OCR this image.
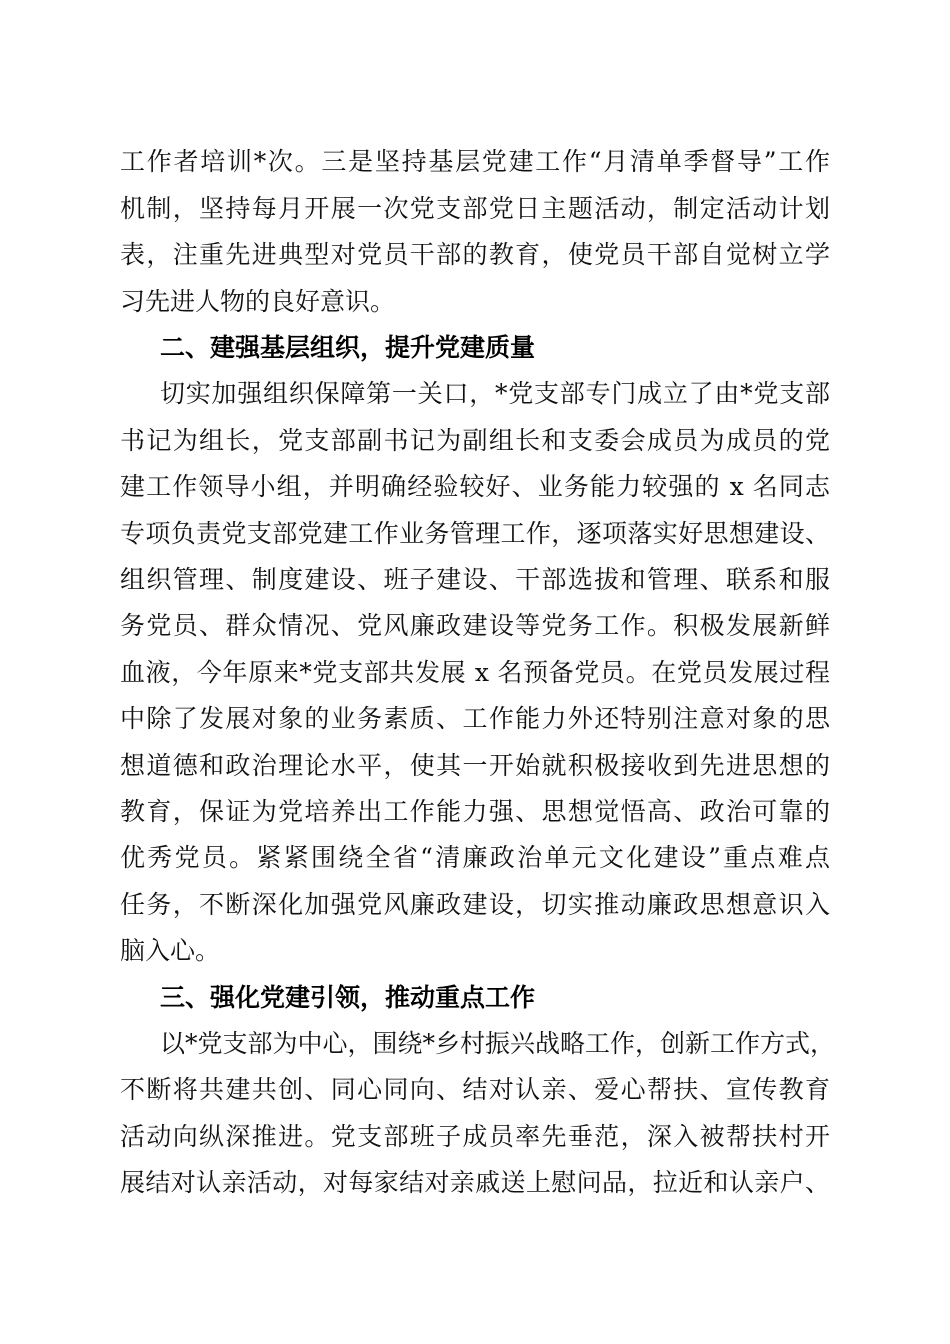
工作者培训*次。三是坚持基层党建工作“月清单季督导”工作
机制，坚持每月开展一次党支部党日主题活动，制定活动计划
表，注重先进典型对党员干部的教育，使党员干部自觉树立学
习先进人物的良好意识。
二、建强基层组织，提升党建质量
切实加强组织保障第一关口，*党支部专门成立了由*党支部
书记为组长，党支部副书记为副组长和支委会成员为成员的党
建工作领导小组，并明确经验较好、业务能力较强的 x 名同志
专项负责党支部党建工作业务管理工作，逐项落实好思想建设、
组织管理、制度建设、班子建设、干部选拔和管理、联系和服
务党员、群众情况、党风廉政建设等党务工作。积极发展新鲜
血液，今年原来*党支部共发展 x 名预备党员。在党员发展过程
中除了发展对象的业务素质、工作能力外还特别注意对象的思
想道德和政治理论水平，使其一开始就积极接收到先进思想的
教育，保证为党培养出工作能力强、思想觉悟高、政治可靠的
优秀党员。紧紧围绕全省“清廉政治单元文化建设”重点难点
任务，不断深化加强党风廉政建设，切实推动廉政思想意识入
脑入心。
三、强化党建引领，推动重点工作
以*党支部为中心，围绕*乡村振兴战略工作，创新工作方式，
不断将共建共创、同心同向、结对认亲、爱心帮扶、宣传教育
活动向纵深推进。党支部班子成员率先垂范，深入被帮扶村开
展结对认亲活动，对每家结对亲戚送上慰问品，拉近和认亲户、
